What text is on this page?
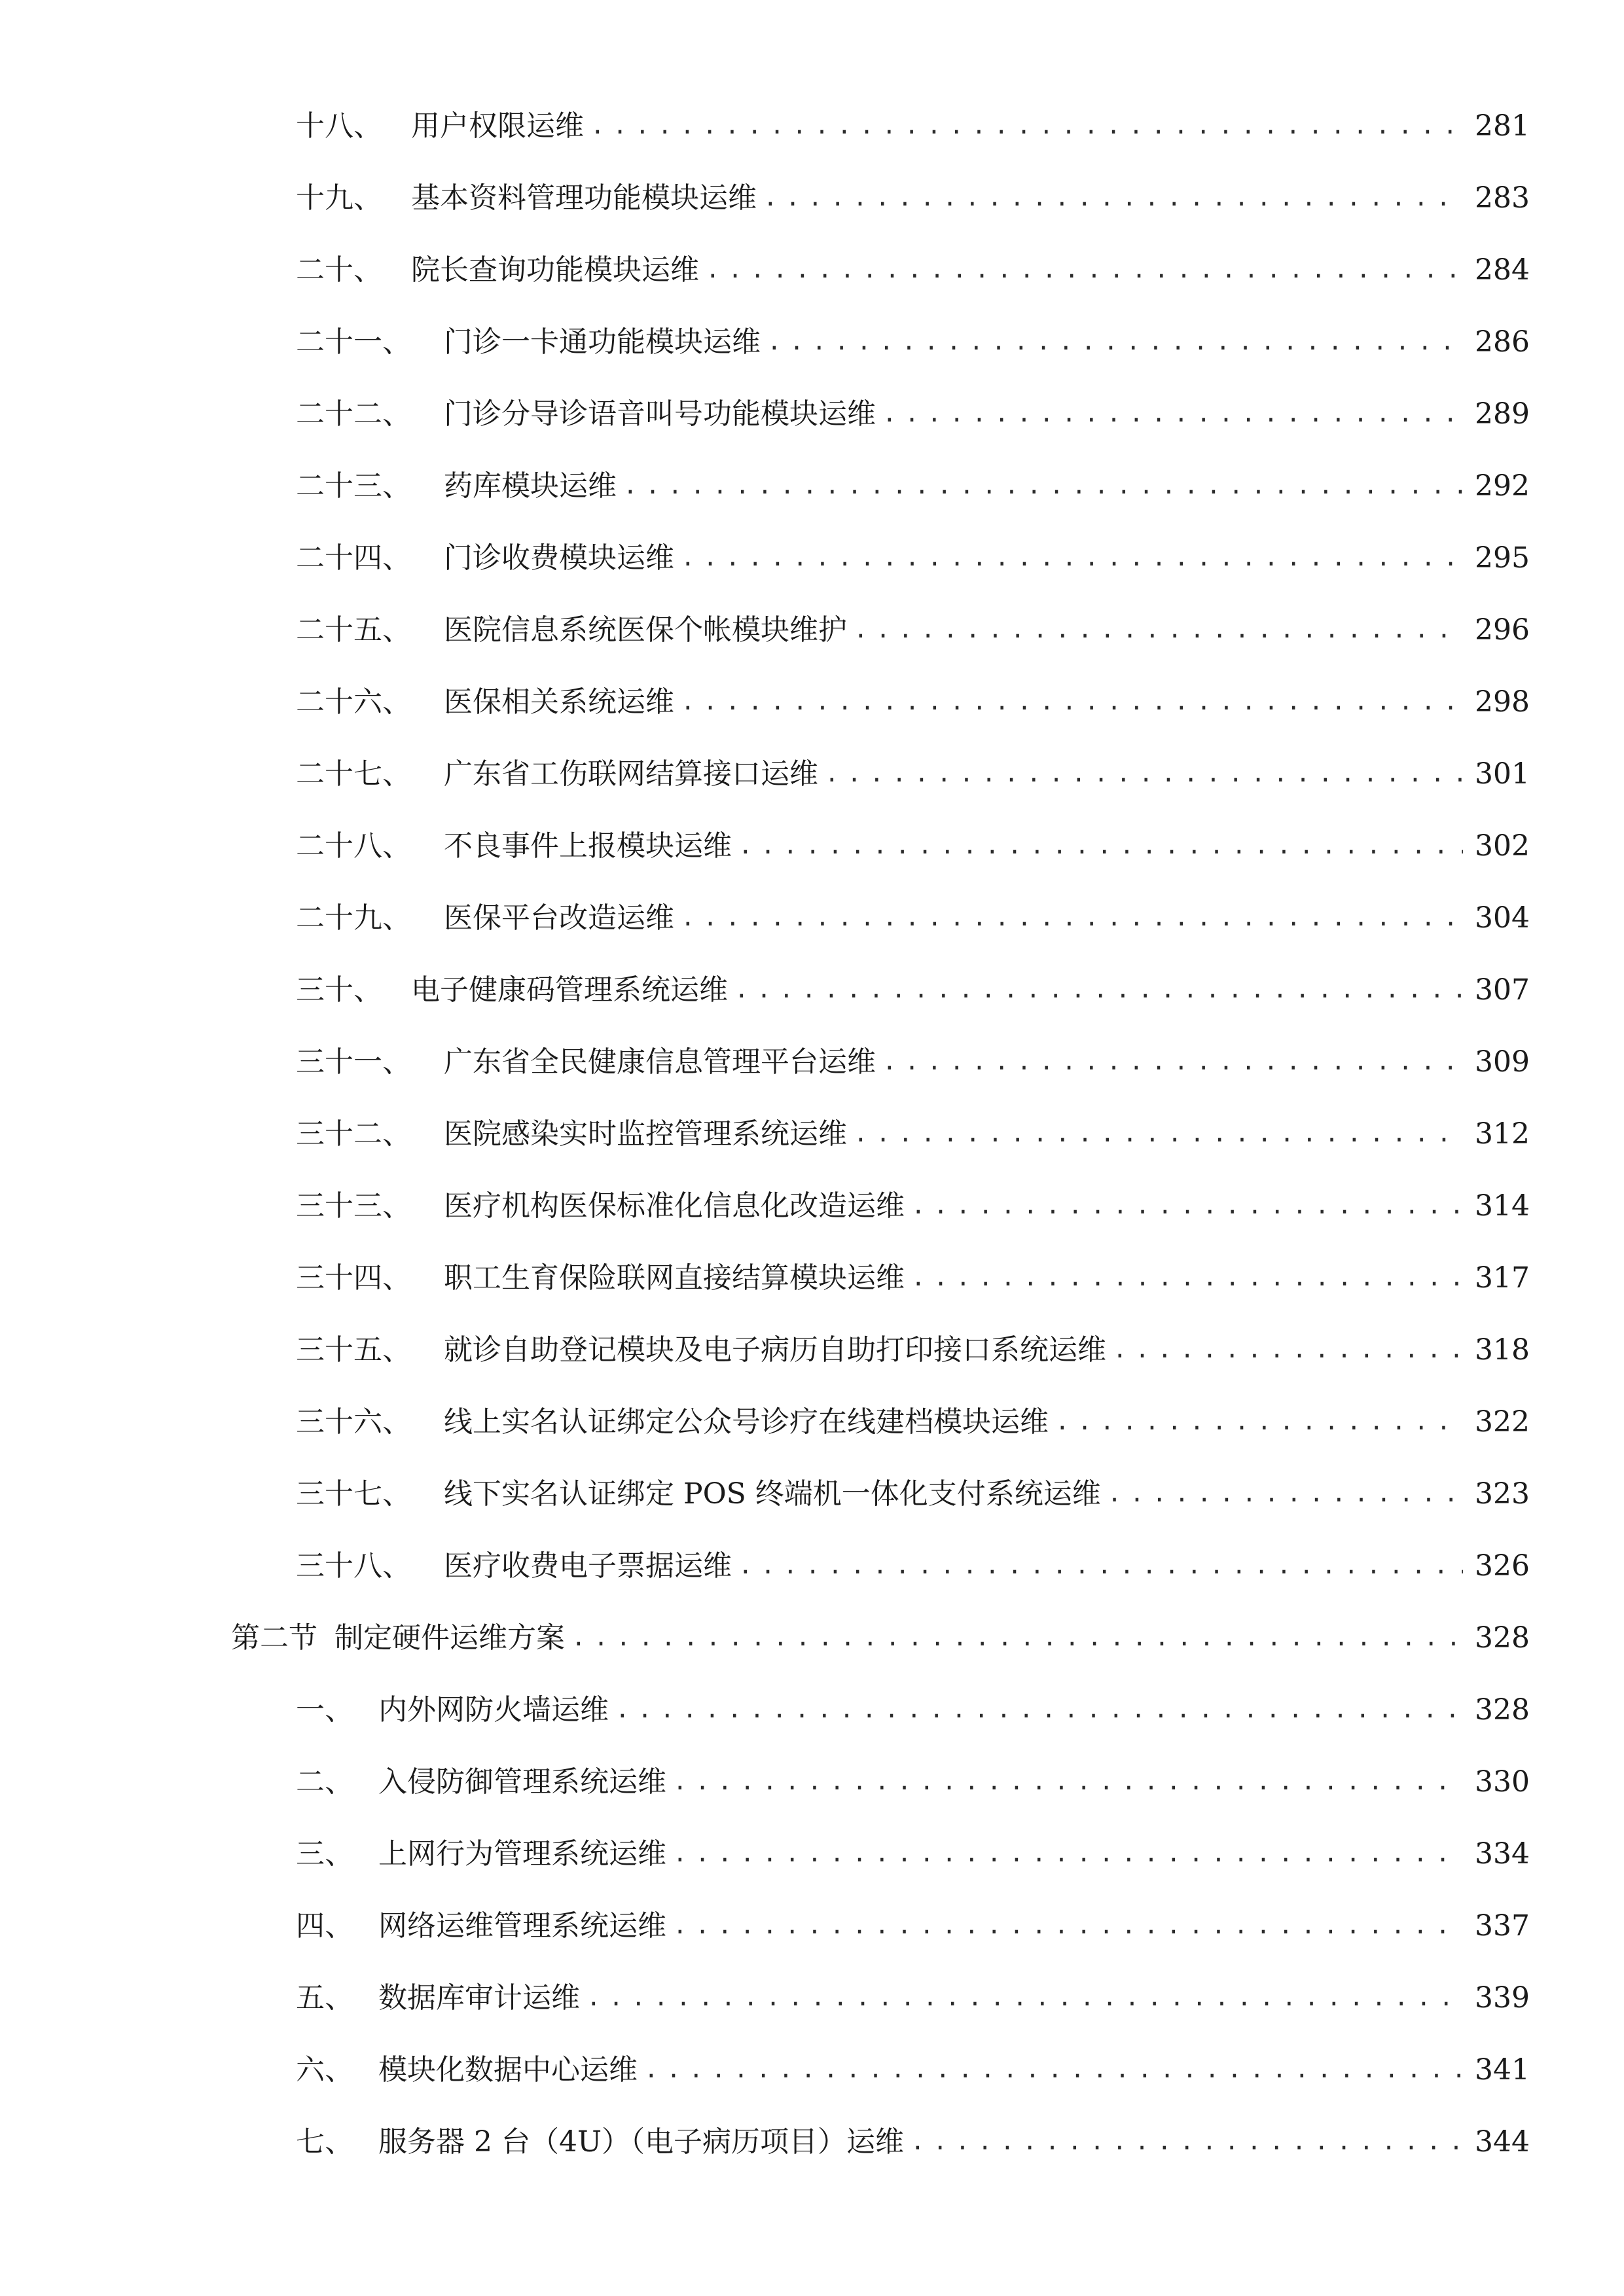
十八、	用户权限运维 .....	281
十九、	基本资料管理功能模块运维 .....	283
二十、	院长查询功能模块运维 .....	284
二十一、	门诊一卡通功能模块运维 .....	286
二十二、	门诊分导诊语音叫号功能模块运维 .....	289
二十三、	药库模块运维 .....	292
二十四、	门诊收费模块运维 .....	295
二十五、	医院信息系统医保个帐模块维护 .....	296
二十六、	医保相关系统运维 .....	298
二十七、	广东省工伤联网结算接口运维 .....	301
二十八、	不良事件上报模块运维 .....	302
二十九、	医保平台改造运维 .....	304
三十、	电子健康码管理系统运维 .....	307
三十一、	广东省全民健康信息管理平台运维 .....	309
三十二、	医院感染实时监控管理系统运维 .....	312
三十三、	医疗机构医保标准化信息化改造运维 .....	314
三十四、	职工生育保险联网直接结算模块运维 .....	317
三十五、	就诊自助登记模块及电子病历自助打印接口系统运维 .....	318
三十六、	线上实名认证绑定公众号诊疗在线建档模块运维 .....	322
三十七、	线下实名认证绑定 POS 终端机一体化支付系统运维 .....	323
三十八、	医疗收费电子票据运维 .....	326
第二节 制定硬件运维方案 .....	328
一、 内外网防火墙运维 .....	328
二、 入侵防御管理系统运维 .....	330
三、 上网行为管理系统运维 .....	334
四、 网络运维管理系统运维 .....	337
五、 数据库审计运维 .....	339
六、 模块化数据中心运维 .....	341
七、 服务器 2 台（4U）（电子病历项目）运维 .....	344
